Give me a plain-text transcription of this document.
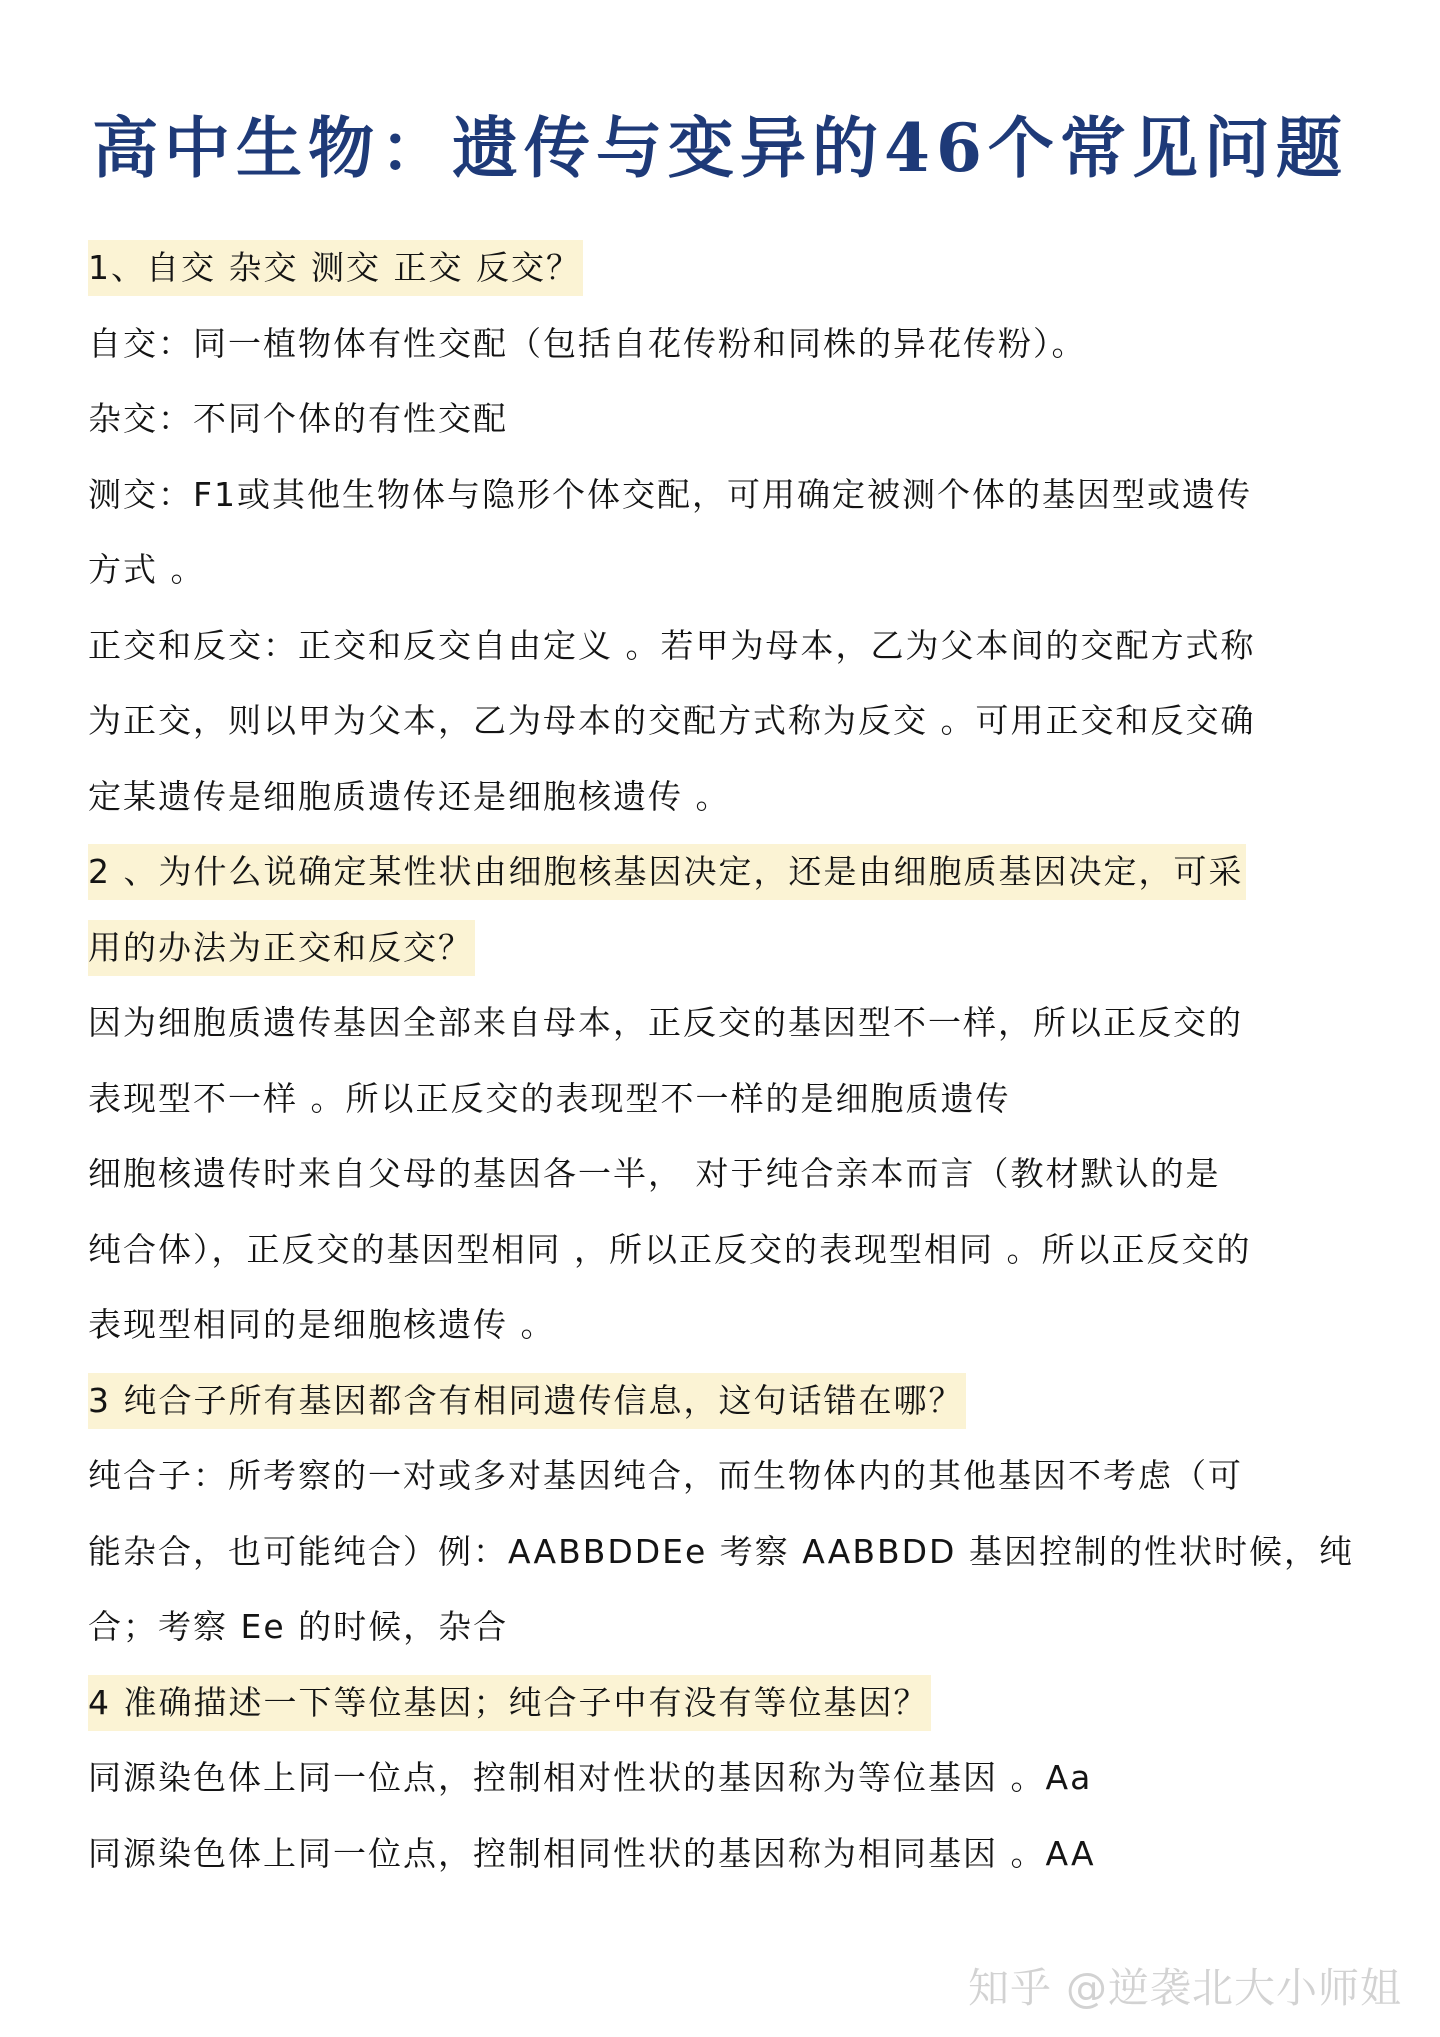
高中生物：遗传与变异的46个常见问题
1、自交 杂交 测交 正交 反交？
自交：同一植物体有性交配（包括自花传粉和同株的异花传粉）。
杂交：不同个体的有性交配
测交：F1或其他生物体与隐形个体交配，可用确定被测个体的基因型或遗传
方式 。
正交和反交：正交和反交自由定义 。若甲为母本，乙为父本间的交配方式称
为正交，则以甲为父本，乙为母本的交配方式称为反交 。可用正交和反交确
定某遗传是细胞质遗传还是细胞核遗传 。
2 、为什么说确定某性状由细胞核基因决定，还是由细胞质基因决定，可采
用的办法为正交和反交？
因为细胞质遗传基因全部来自母本，正反交的基因型不一样，所以正反交的
表现型不一样 。所以正反交的表现型不一样的是细胞质遗传
细胞核遗传时来自父母的基因各一半， 对于纯合亲本而言（教材默认的是
纯合体），正反交的基因型相同 ，所以正反交的表现型相同 。所以正反交的
表现型相同的是细胞核遗传 。
3 纯合子所有基因都含有相同遗传信息，这句话错在哪？
纯合子：所考察的一对或多对基因纯合，而生物体内的其他基因不考虑（可
能杂合，也可能纯合）例：AABBDDEe 考察 AABBDD 基因控制的性状时候，纯
合；考察 Ee 的时候，杂合
4 准确描述一下等位基因；纯合子中有没有等位基因？
同源染色体上同一位点，控制相对性状的基因称为等位基因 。Aa
同源染色体上同一位点，控制相同性状的基因称为相同基因 。AA
知乎 @逆袭北大小师姐
